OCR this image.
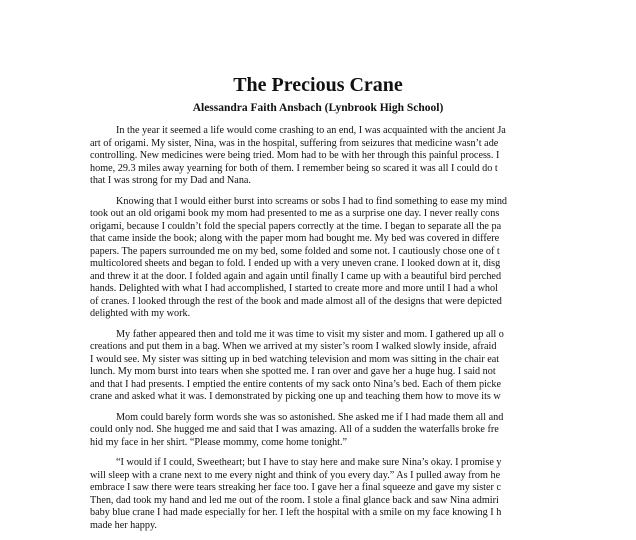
The Precious Crane
Alessandra Faith Ansbach (Lynbrook High School)
In the year it seemed a life would come crashing to an end, I was acquainted with the ancient Ja
art of origami. My sister, Nina, was in the hospital, suffering from seizures that medicine wasn’t ade
controlling. New medicines were being tried. Mom had to be with her through this painful process. I
home, 29.3 miles away yearning for both of them. I remember being so scared it was all I could do t
that I was strong for my Dad and Nana.
Knowing that I would either burst into screams or sobs I had to find something to ease my mind
took out an old origami book my mom had presented to me as a surprise one day. I never really cons
origami, because I couldn’t fold the special papers correctly at the time. I began to separate all the pa
that came inside the book; along with the paper mom had bought me. My bed was covered in differe
papers. The papers surrounded me on my bed, some folded and some not. I cautiously chose one of t
multicolored sheets and began to fold. I ended up with a very uneven crane. I looked down at it, disg
and threw it at the door. I folded again and again until finally I came up with a beautiful bird perched
hands. Delighted with what I had accomplished, I started to create more and more until I had a whol
of cranes. I looked through the rest of the book and made almost all of the designs that were depicted
delighted with my work.
My father appeared then and told me it was time to visit my sister and mom. I gathered up all o
creations and put them in a bag. When we arrived at my sister’s room I walked slowly inside, afraid
I would see. My sister was sitting up in bed watching television and mom was sitting in the chair eat
lunch. My mom burst into tears when she spotted me. I ran over and gave her a huge hug. I said not
and that I had presents. I emptied the entire contents of my sack onto Nina’s bed. Each of them picke
crane and asked what it was. I demonstrated by picking one up and teaching them how to move its w
Mom could barely form words she was so astonished. She asked me if I had made them all and
could only nod. She hugged me and said that I was amazing. All of a sudden the waterfalls broke fre
hid my face in her shirt. “Please mommy, come home tonight.”
“I would if I could, Sweetheart; but I have to stay here and make sure Nina’s okay. I promise y
will sleep with a crane next to me every night and think of you every day.” As I pulled away from he
embrace I saw there were tears streaking her face too. I gave her a final squeeze and gave my sister c
Then, dad took my hand and led me out of the room. I stole a final glance back and saw Nina admiri
baby blue crane I had made especially for her. I left the hospital with a smile on my face knowing I h
made her happy.
